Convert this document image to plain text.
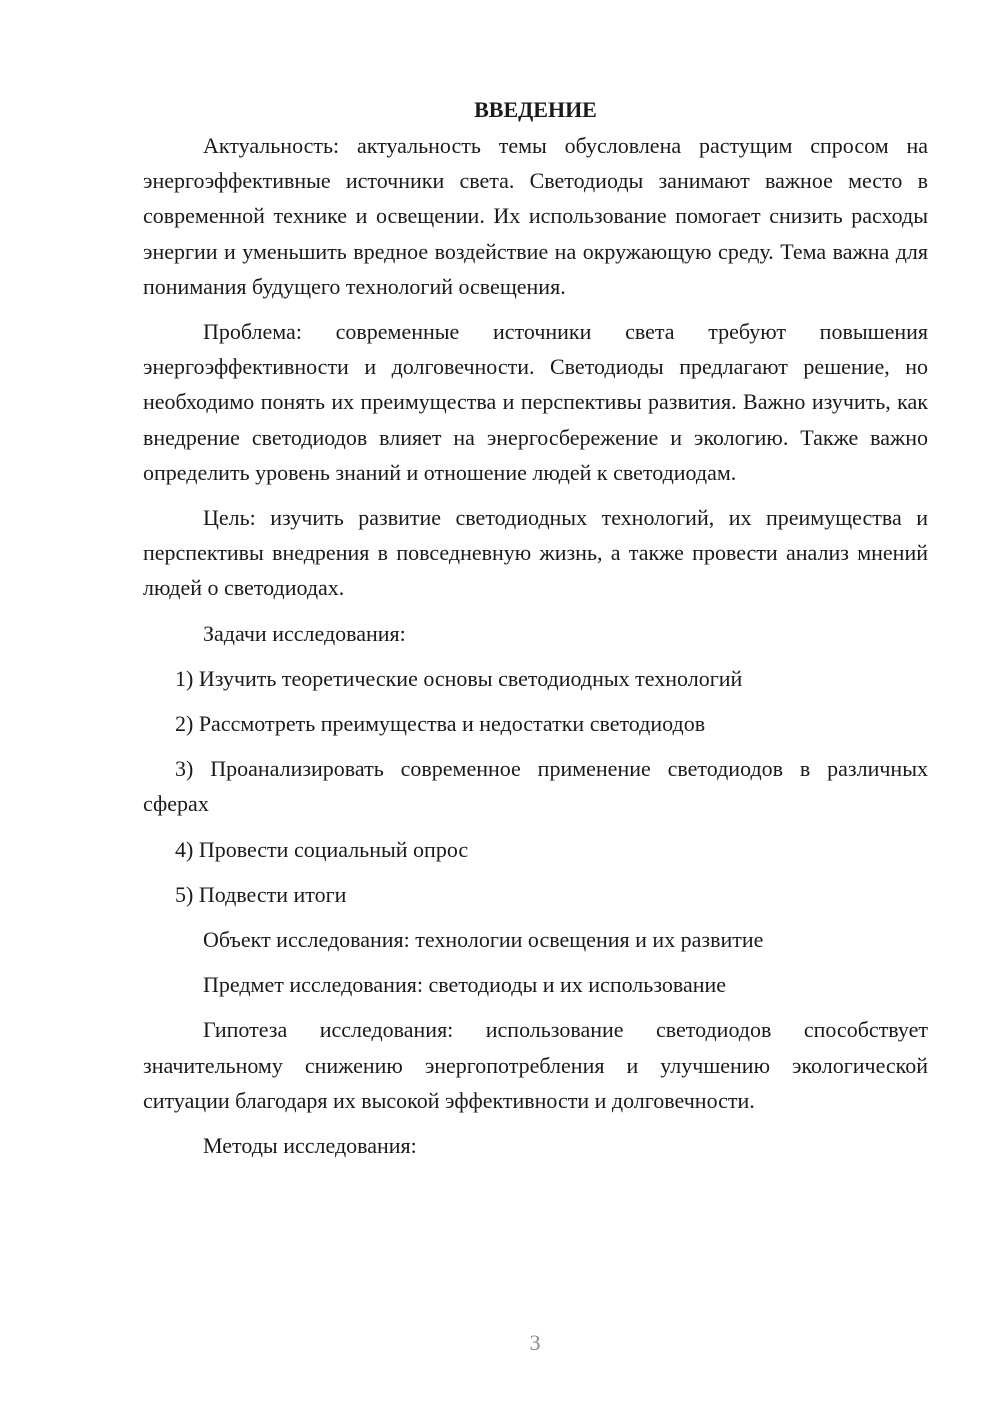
ВВЕДЕНИЕ

Актуальность: актуальность темы обусловлена растущим спросом на энергоэффективные источники света. Светодиоды занимают важное место в современной технике и освещении. Их использование помогает снизить расходы энергии и уменьшить вредное воздействие на окружающую среду. Тема важна для понимания будущего технологий освещения.

Проблема: современные источники света требуют повышения энергоэффективности и долговечности. Светодиоды предлагают решение, но необходимо понять их преимущества и перспективы развития. Важно изучить, как внедрение светодиодов влияет на энергосбережение и экологию. Также важно определить уровень знаний и отношение людей к светодиодам.

Цель: изучить развитие светодиодных технологий, их преимущества и перспективы внедрения в повседневную жизнь, а также провести анализ мнений людей о светодиодах.

Задачи исследования:

1) Изучить теоретические основы светодиодных технологий

2) Рассмотреть преимущества и недостатки светодиодов

3) Проанализировать современное применение светодиодов в различных сферах

4) Провести социальный опрос

5) Подвести итоги

Объект исследования: технологии освещения и их развитие

Предмет исследования: светодиоды и их использование

Гипотеза исследования: использование светодиодов способствует значительному снижению энергопотребления и улучшению экологической ситуации благодаря их высокой эффективности и долговечности.

Методы исследования:

3
